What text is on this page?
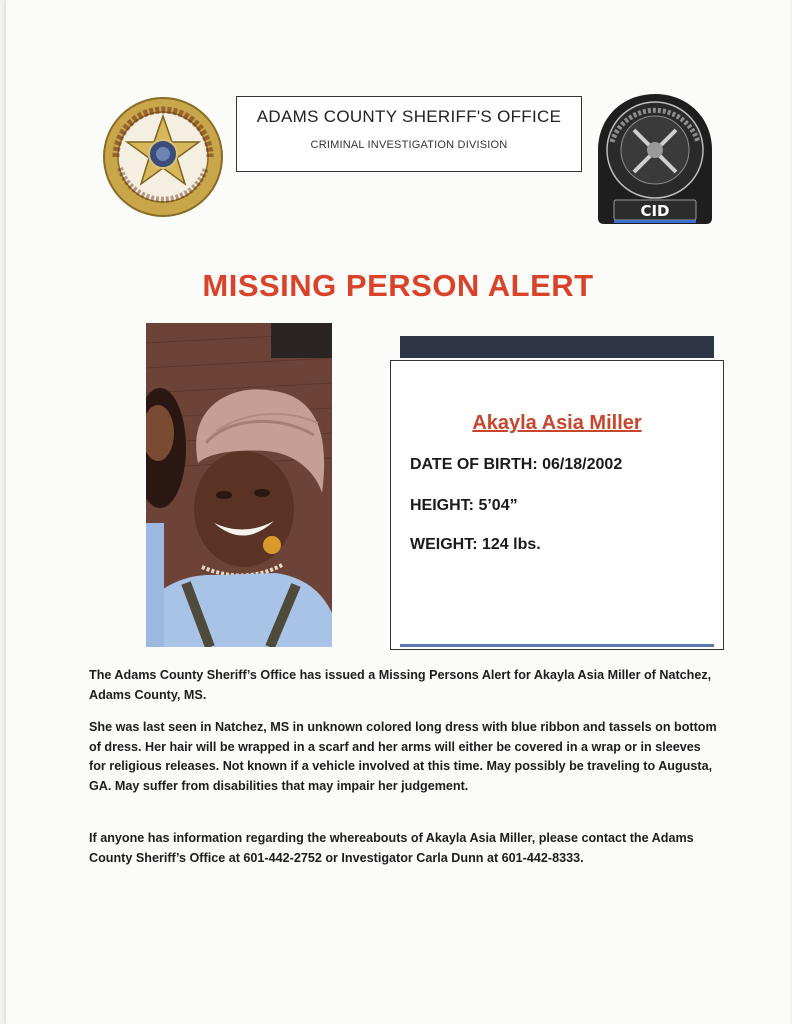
ADAMS COUNTY SHERIFF'S OFFICE
CRIMINAL INVESTIGATION DIVISION
CID
MISSING PERSON ALERT
Akayla Asia Miller
DATE OF BIRTH: 06/18/2002
HEIGHT: 5’04”
WEIGHT: 124 lbs.
The Adams County Sheriff’s Office has issued a Missing Persons Alert for Akayla Asia Miller of Natchez, Adams County, MS.
She was last seen in Natchez, MS in unknown colored long dress with blue ribbon and tassels on bottom of dress. Her hair will be wrapped in a scarf and her arms will either be covered in a wrap or in sleeves for religious releases. Not known if a vehicle involved at this time. May possibly be traveling to Augusta, GA. May suffer from disabilities that may impair her judgement.
If anyone has information regarding the whereabouts of Akayla Asia Miller, please contact the Adams County Sheriff’s Office at 601-442-2752 or Investigator Carla Dunn at 601-442-8333.
